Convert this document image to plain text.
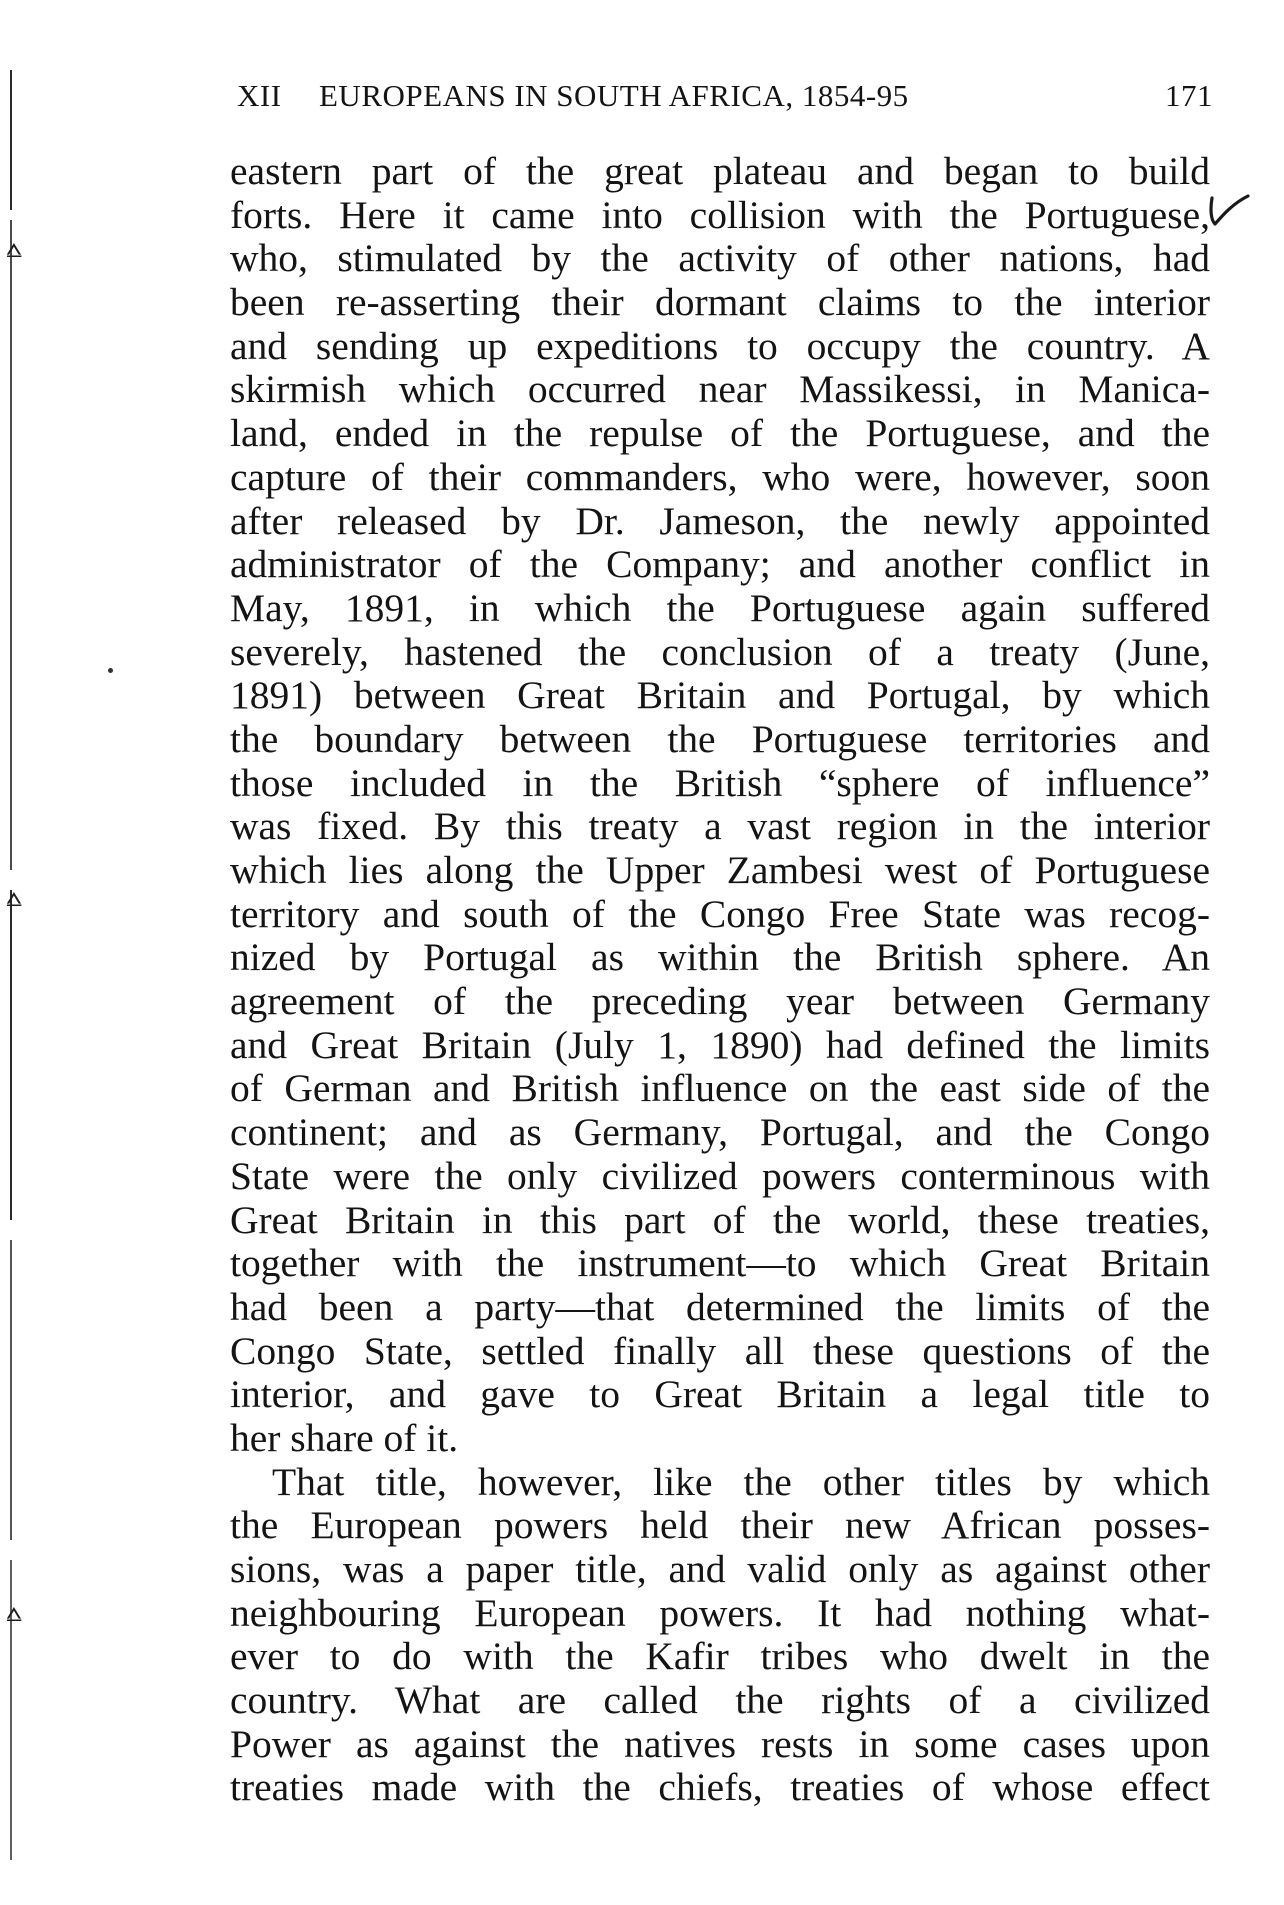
⩟
⩟
⩟
XII EUROPEANS IN SOUTH AFRICA, 1854-95	171
eastern part of the great plateau and began to build
forts. Here it came into collision with the Portuguese,
who, stimulated by the activity of other nations, had
been re-asserting their dormant claims to the interior
and sending up expeditions to occupy the country. A
skirmish which occurred near Massikessi, in Manica-
land, ended in the repulse of the Portuguese, and the
capture of their commanders, who were, however, soon
after released by Dr. Jameson, the newly appointed
administrator of the Company; and another conflict in
May, 1891, in which the Portuguese again suffered
severely, hastened the conclusion of a treaty (June,
1891) between Great Britain and Portugal, by which
the boundary between the Portuguese territories and
those included in the British “sphere of influence”
was fixed. By this treaty a vast region in the interior
which lies along the Upper Zambesi west of Portuguese
territory and south of the Congo Free State was recog-
nized by Portugal as within the British sphere. An
agreement of the preceding year between Germany
and Great Britain (July 1, 1890) had defined the limits
of German and British influence on the east side of the
continent; and as Germany, Portugal, and the Congo
State were the only civilized powers conterminous with
Great Britain in this part of the world, these treaties,
together with the instrument—to which Great Britain
had been a party—that determined the limits of the
Congo State, settled finally all these questions of the
interior, and gave to Great Britain a legal title to
her share of it.
That title, however, like the other titles by which
the European powers held their new African posses-
sions, was a paper title, and valid only as against other
neighbouring European powers. It had nothing what-
ever to do with the Kafir tribes who dwelt in the
country. What are called the rights of a civilized
Power as against the natives rests in some cases upon
treaties made with the chiefs, treaties of whose effect
